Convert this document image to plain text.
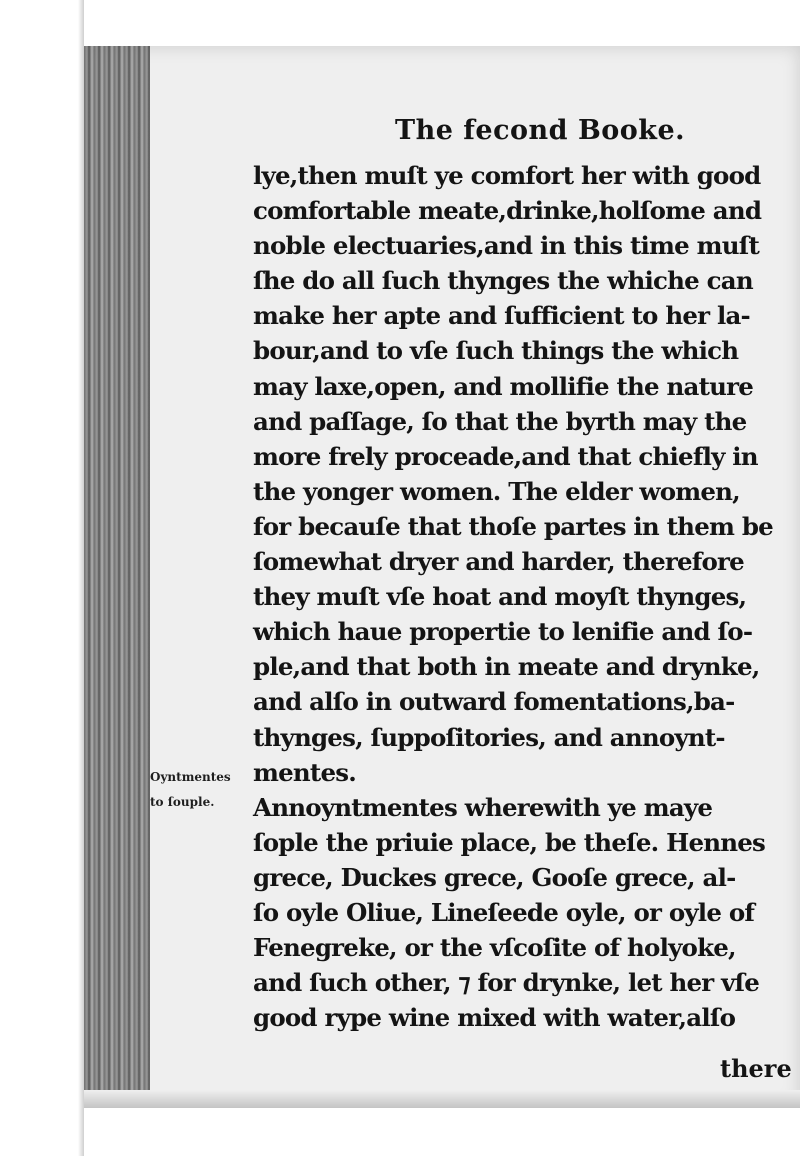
The fecond Booke.
lye,then muſt ye comfort her with good
comfortable meate,drinke,holſome and
noble electuaries,and in this time muſt
ſhe do all ſuch thynges the whiche can
make her apte and ſufficient to her la-
bour,and to vſe ſuch things the which
may laxe,open, and mollifie the nature
and paſſage, ſo that the byrth may the
more frely proceade,and that chiefly in
the yonger women. The elder women,
for becauſe that thoſe partes in them be
ſomewhat dryer and harder, therefore
they muſt vſe hoat and moyſt thynges,
which haue propertie to lenifie and ſo-
ple,and that both in meate and drynke,
and alſo in outward fomentations,ba-
thynges, ſuppoſitories, and annoynt-
mentes.
Annoyntmentes wherewith ye maye
ſople the priuie place, be theſe. Hennes
grece, Duckes grece, Gooſe grece, al-
ſo oyle Oliue, Lineſeede oyle, or oyle of
Fenegreke, or the vſcoſite of holyoke,
and ſuch other, ⁊ for drynke, let her vſe
good rype wine mixed with water,alſo
Oyntmentes
to ſouple.
there
